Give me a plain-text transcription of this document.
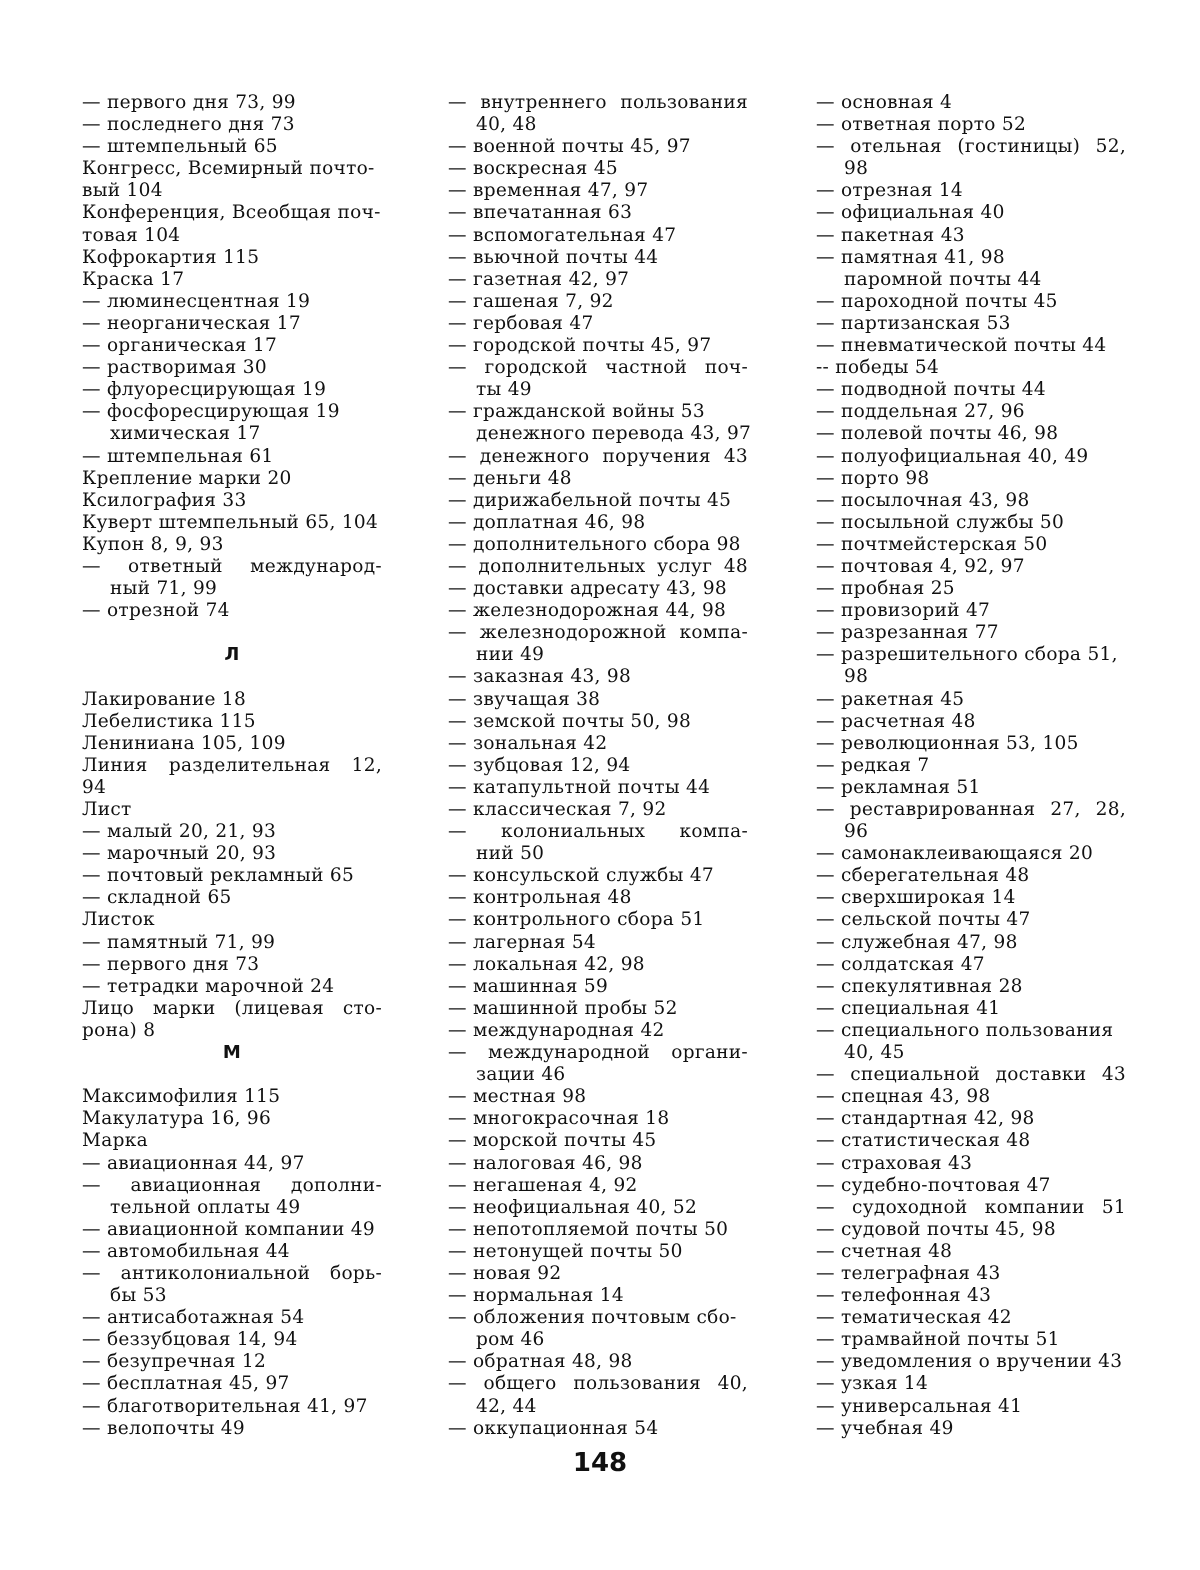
— первого дня 73, 99
— последнего дня 73
— штемпельный 65
Конгресс, Всемирный почто-
вый 104
Конференция, Всеобщая поч-
товая 104
Кофрокартия 115
Краска 17
— люминесцентная 19
— неорганическая 17
— органическая 17
— растворимая 30
— флуоресцирующая 19
— фосфоресцирующая 19
химическая 17
— штемпельная 61
Крепление марки 20
Ксилография 33
Куверт штемпельный 65, 104
Купон 8, 9, 93
— ответный международ-
ный 71, 99
— отрезной 74
Л
Лакирование 18
Лебелистика 115
Лениниана 105, 109
Линия разделительная 12,
94
Лист
— малый 20, 21, 93
— марочный 20, 93
— почтовый рекламный 65
— складной 65
Листок
— памятный 71, 99
— первого дня 73
— тетрадки марочной 24
Лицо марки (лицевая сто-
рона) 8
М
Максимофилия 115
Макулатура 16, 96
Марка
— авиационная 44, 97
— авиационная дополни-
тельной оплаты 49
— авиационной компании 49
— автомобильная 44
— антиколониальной борь-
бы 53
— антисаботажная 54
— беззубцовая 14, 94
— безупречная 12
— бесплатная 45, 97
— благотворительная 41, 97
— велопочты 49
— внутреннего пользования
40, 48
— военной почты 45, 97
— воскресная 45
— временная 47, 97
— впечатанная 63
— вспомогательная 47
— вьючной почты 44
— газетная 42, 97
— гашеная 7, 92
— гербовая 47
— городской почты 45, 97
— городской частной поч-
ты 49
— гражданской войны 53
денежного перевода 43, 97
— денежного поручения 43
— деньги 48
— дирижабельной почты 45
— доплатная 46, 98
— дополнительного сбора 98
— дополнительных услуг 48
— доставки адресату 43, 98
— железнодорожная 44, 98
— железнодорожной компа-
нии 49
— заказная 43, 98
— звучащая 38
— земской почты 50, 98
— зональная 42
— зубцовая 12, 94
— катапультной почты 44
— классическая 7, 92
— колониальных компа-
ний 50
— консульской службы 47
— контрольная 48
— контрольного сбора 51
— лагерная 54
— локальная 42, 98
— машинная 59
— машинной пробы 52
— международная 42
— международной органи-
зации 46
— местная 98
— многокрасочная 18
— морской почты 45
— налоговая 46, 98
— негашеная 4, 92
— неофициальная 40, 52
— непотопляемой почты 50
— нетонущей почты 50
— новая 92
— нормальная 14
— обложения почтовым сбо-
ром 46
— обратная 48, 98
— общего пользования 40,
42, 44
— оккупационная 54
— основная 4
— ответная порто 52
— отельная (гостиницы) 52,
98
— отрезная 14
— официальная 40
— пакетная 43
— памятная 41, 98
паромной почты 44
— пароходной почты 45
— партизанская 53
— пневматической почты 44
-- победы 54
— подводной почты 44
— поддельная 27, 96
— полевой почты 46, 98
— полуофициальная 40, 49
— порто 98
— посылочная 43, 98
— посыльной службы 50
— почтмейстерская 50
— почтовая 4, 92, 97
— пробная 25
— провизорий 47
— разрезанная 77
— разрешительного сбора 51,
98
— ракетная 45
— расчетная 48
— революционная 53, 105
— редкая 7
— рекламная 51
— реставрированная 27, 28,
96
— самонаклеивающаяся 20
— сберегательная 48
— сверхширокая 14
— сельской почты 47
— служебная 47, 98
— солдатская 47
— спекулятивная 28
— специальная 41
— специального пользования
40, 45
— специальной доставки 43
— спецная 43, 98
— стандартная 42, 98
— статистическая 48
— страховая 43
— судебно-почтовая 47
— судоходной компании 51
— судовой почты 45, 98
— счетная 48
— телеграфная 43
— телефонная 43
— тематическая 42
— трамвайной почты 51
— уведомления о вручении 43
— узкая 14
— универсальная 41
— учебная 49
148
